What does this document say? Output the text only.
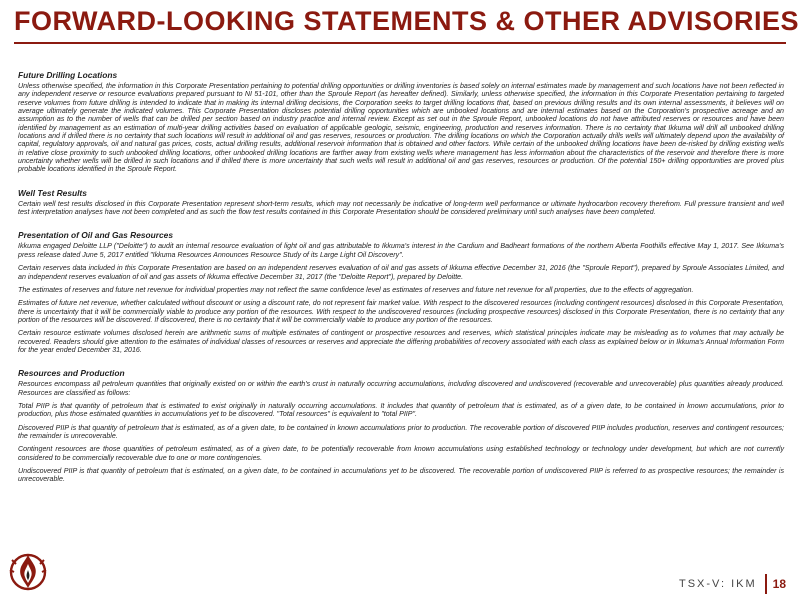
FORWARD-LOOKING STATEMENTS & OTHER ADVISORIES
Future Drilling Locations
Unless otherwise specified, the information in this Corporate Presentation pertaining to potential drilling opportunities or drilling inventories is based solely on internal estimates made by management and such locations have not been reflected in any independent reserve or resource evaluations prepared pursuant to NI 51-101, other than the Sproule Report (as hereafter defined). Similarly, unless otherwise specified, the information in this Corporate Presentation pertaining to targeted reserve volumes from future drilling is intended to indicate that in making its internal drilling decisions, the Corporation seeks to target drilling locations that, based on previous drilling results and its own internal assessments, it believes will on average ultimately generate the indicated volumes. This Corporate Presentation discloses potential drilling opportunities which are unbooked locations and are internal estimates based on the Corporation's prospective acreage and an assumption as to the number of wells that can be drilled per section based on industry practice and internal review. Except as set out in the Sproule Report, unbooked locations do not have attributed reserves or resources and have been identified by management as an estimation of multi-year drilling activities based on evaluation of applicable geologic, seismic, engineering, production and reserves information. There is no certainty that Ikkuma will drill all unbooked drilling locations and if drilled there is no certainty that such locations will result in additional oil and gas reserves, resources or production. The drilling locations on which the Corporation actually drills wells will ultimately depend upon the availability of capital, regulatory approvals, oil and natural gas prices, costs, actual drilling results, additional reservoir information that is obtained and other factors. While certain of the unbooked drilling locations have been de-risked by drilling existing wells in relative close proximity to such unbooked drilling locations, other unbooked drilling locations are farther away from existing wells where management has less information about the characteristics of the reservoir and therefore there is more uncertainty whether wells will be drilled in such locations and if drilled there is more uncertainty that such wells will result in additional oil and gas reserves, resources or production. Of the potential 150+ drilling opportunities are proved plus probable locations identified in the Sproule Report.
Well Test Results
Certain well test results disclosed in this Corporate Presentation represent short-term results, which may not necessarily be indicative of long-term well performance or ultimate hydrocarbon recovery therefrom. Full pressure transient and well test interpretation analyses have not been completed and as such the flow test results contained in this Corporate Presentation should be considered preliminary until such analyses have been completed.
Presentation of Oil and Gas Resources
Ikkuma engaged Deloitte LLP ("Deloitte") to audit an internal resource evaluation of light oil and gas attributable to Ikkuma's interest in the Cardium and Badheart formations of the northern Alberta Foothills effective May 1, 2017. See Ikkuma's press release dated June 5, 2017 entitled "Ikkuma Resources Announces Resource Study of its Large Light Oil Discovery".
Certain reserves data included in this Corporate Presentation are based on an independent reserves evaluation of oil and gas assets of Ikkuma effective December 31, 2016 (the "Sproule Report"), prepared by Sproule Associates Limited, and an independent reserves evaluation of oil and gas assets of Ikkuma effective December 31, 2017 (the "Deloitte Report"), prepared by Deloitte.
The estimates of reserves and future net revenue for individual properties may not reflect the same confidence level as estimates of reserves and future net revenue for all properties, due to the effects of aggregation.
Estimates of future net revenue, whether calculated without discount or using a discount rate, do not represent fair market value. With respect to the discovered resources (including contingent resources) disclosed in this Corporate Presentation, there is uncertainty that it will be commercially viable to produce any portion of the resources. With respect to the undiscovered resources (including prospective resources) disclosed in this Corporate Presentation, there is no certainty that any portion of the resources will be discovered. If discovered, there is no certainty that it will be commercially viable to produce any portion of the resources.
Certain resource estimate volumes disclosed herein are arithmetic sums of multiple estimates of contingent or prospective resources and reserves, which statistical principles indicate may be misleading as to volumes that may actually be recovered. Readers should give attention to the estimates of individual classes of resources or reserves and appreciate the differing probabilities of recovery associated with each class as explained below or in Ikkuma's Annual Information Form for the year ended December 31, 2016.
Resources and Production
Resources encompass all petroleum quantities that originally existed on or within the earth's crust in naturally occurring accumulations, including discovered and undiscovered (recoverable and unrecoverable) plus quantities already produced. Resources are classified as follows:
Total PIIP is that quantity of petroleum that is estimated to exist originally in naturally occurring accumulations. It includes that quantity of petroleum that is estimated, as of a given date, to be contained in known accumulations, prior to production, plus those estimated quantities in accumulations yet to be discovered. "Total resources" is equivalent to "total PIIP".
Discovered PIIP is that quantity of petroleum that is estimated, as of a given date, to be contained in known accumulations prior to production. The recoverable portion of discovered PIIP includes production, reserves and contingent resources; the remainder is unrecoverable.
Contingent resources are those quantities of petroleum estimated, as of a given date, to be potentially recoverable from known accumulations using established technology or technology under development, but which are not currently considered to be commercially recoverable due to one or more contingencies.
Undiscovered PIIP is that quantity of petroleum that is estimated, on a given date, to be contained in accumulations yet to be discovered. The recoverable portion of undiscovered PIIP is referred to as prospective resources; the remainder is unrecoverable.
TSX-V: IKM 18
